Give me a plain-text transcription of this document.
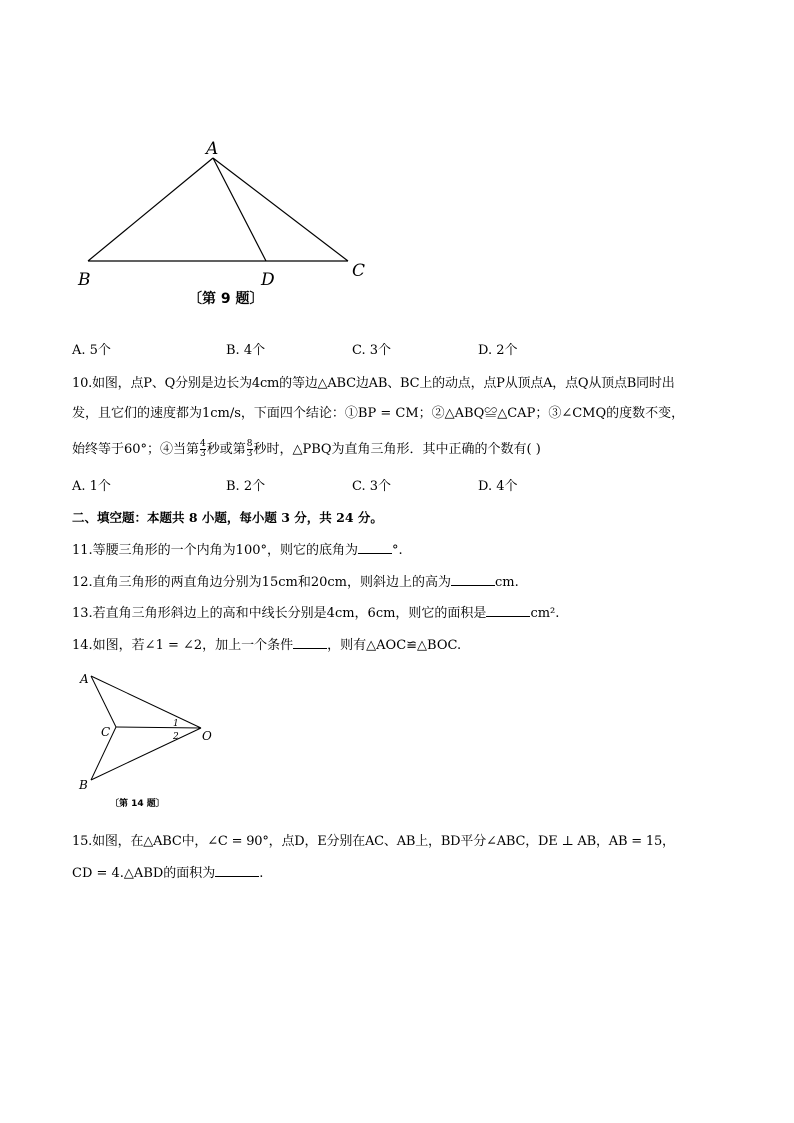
A
B	D	C
〔第 9 题〕
A. 5个	B. 4个	C. 3个	D. 2个
10.如图，点P、Q分别是边长为4cm的等边△ABC边AB、BC上的动点，点P从顶点A，点Q从顶点B同时出
发，且它们的速度都为1cm/s，下面四个结论：①BP = CM；②△ABQ≌△CAP；③∠CMQ的度数不变，
始终等于60°；④当第 $\frac{4}{3}$ 秒或第 $\frac{8}{3}$ 秒时，△PBQ为直角三角形．其中正确的个数有( )
A. 1个	B. 2个	C. 3个	D. 4个
二、填空题：本题共 8 小题，每小题 3 分，共 24 分。
11.等腰三角形的一个内角为100°，则它的底角为	°.
12.直角三角形的两直角边分别为15cm和20cm，则斜边上的高为	cm.
13.若直角三角形斜边上的高和中线长分别是4cm，6cm，则它的面积是	cm².
14.如图，若∠1 = ∠2，加上一个条件	，则有△AOC≌△BOC.
A
C	O
1
2
B
〔第 14 题〕
15.如图，在△ABC中，∠C = 90°，点D，E分别在AC、AB上，BD平分∠ABC，DE ⊥ AB，AB = 15，
CD = 4.△ABD的面积为	.
